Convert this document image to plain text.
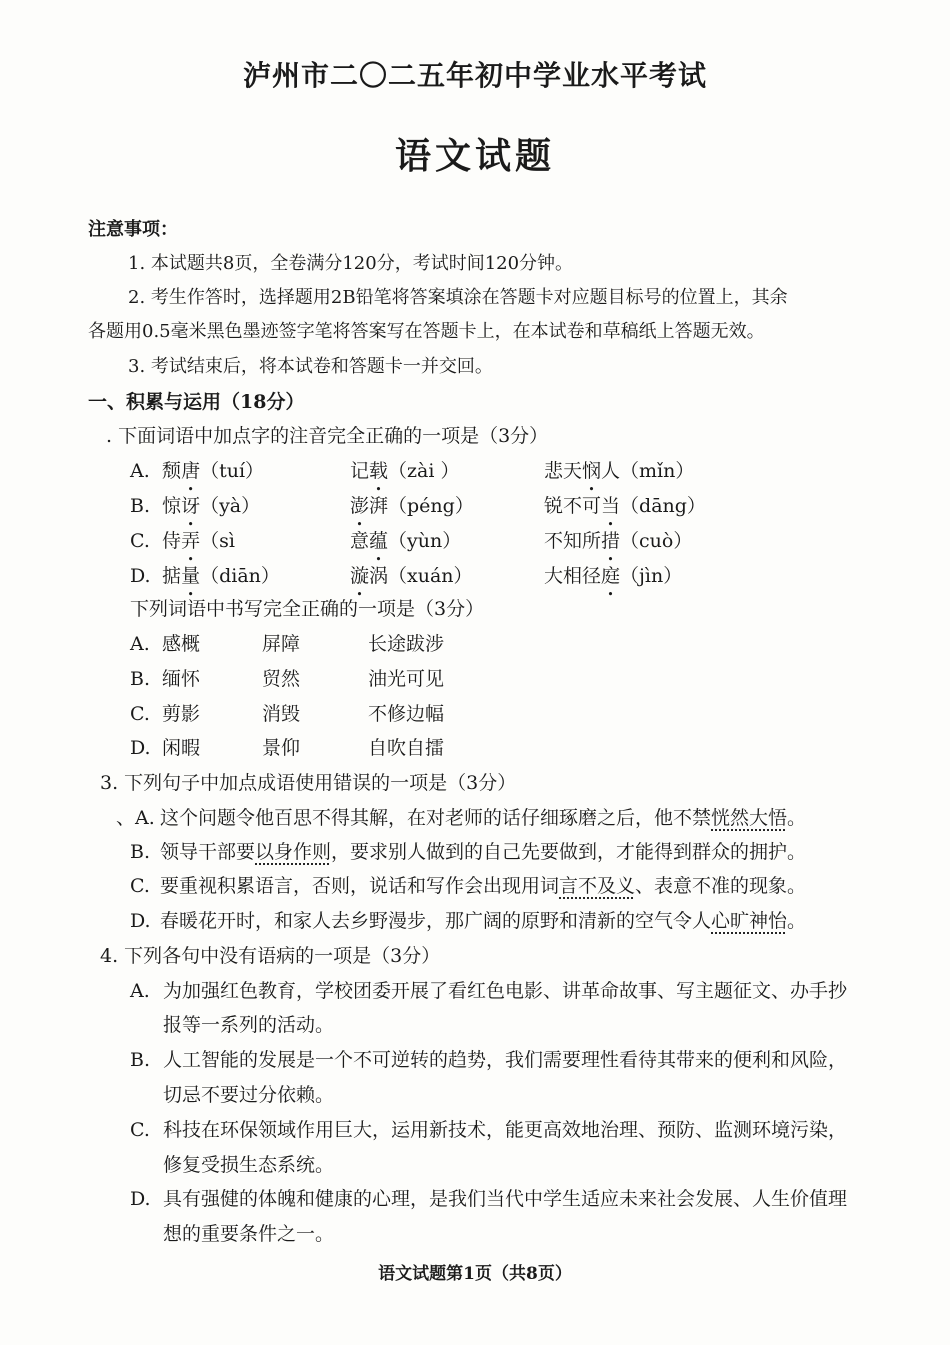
泸州市二〇二五年初中学业水平考试
语文试题
注意事项：
1. 本试题共8页，全卷满分120分，考试时间120分钟。
2. 考生作答时，选择题用2B铅笔将答案填涂在答题卡对应题目标号的位置上，其余
各题用0.5毫米黑色墨迹签字笔将答案写在答题卡上，在本试卷和草稿纸上答题无效。
3. 考试结束后，将本试卷和答题卡一并交回。
一、积累与运用（18分）
. 下面词语中加点字的注音完全正确的一项是（3分）
A. 颓唐（tuí）	记载（zài ）	悲天悯人（mǐn）
B. 惊讶（yà）	澎湃（péng）	锐不可当（dāng）
C. 侍弄（sì	意蕴（yùn）	不知所措（cuò）
D. 掂量（diān）	漩涡（xuán）	大相径庭（jìn）
下列词语中书写完全正确的一项是（3分）
A. 感概	屏障	长途跋涉
B. 缅怀	贸然	油光可见
C. 剪影	消毁	不修边幅
D. 闲暇	景仰	自吹自擂
3. 下列句子中加点成语使用错误的一项是（3分）
、A. 这个问题令他百思不得其解，在对老师的话仔细琢磨之后，他不禁恍然大悟。
B. 领导干部要以身作则，要求别人做到的自己先要做到，才能得到群众的拥护。
C. 要重视积累语言，否则，说话和写作会出现用词言不及义、表意不准的现象。
D. 春暖花开时，和家人去乡野漫步，那广阔的原野和清新的空气令人心旷神怡。
4. 下列各句中没有语病的一项是（3分）
A. 为加强红色教育，学校团委开展了看红色电影、讲革命故事、写主题征文、办手抄
报等一系列的活动。
B. 人工智能的发展是一个不可逆转的趋势，我们需要理性看待其带来的便利和风险，
切忌不要过分依赖。
C. 科技在环保领域作用巨大，运用新技术，能更高效地治理、预防、监测环境污染，
修复受损生态系统。
D. 具有强健的体魄和健康的心理，是我们当代中学生适应未来社会发展、人生价值理
想的重要条件之一。
语文试题第1页（共8页）
